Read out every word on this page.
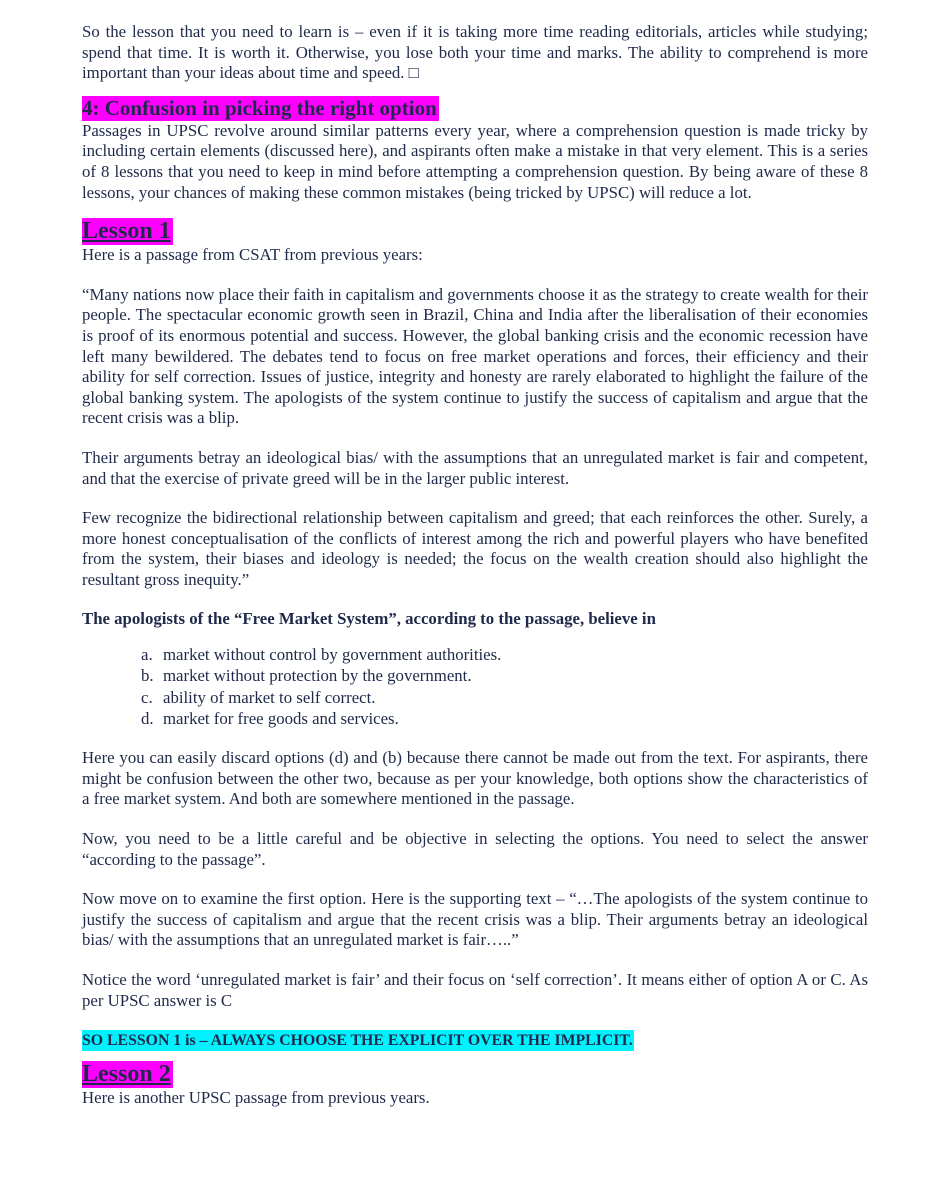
So the lesson that you need to learn is – even if it is taking more time reading editorials, articles while studying; spend that time. It is worth it. Otherwise, you lose both your time and marks. The ability to comprehend is more important than your ideas about time and speed. □

4: Confusion in picking the right option

Passages in UPSC revolve around similar patterns every year, where a comprehension question is made tricky by including certain elements (discussed here), and aspirants often make a mistake in that very element. This is a series of 8 lessons that you need to keep in mind before attempting a comprehension question. By being aware of these 8 lessons, your chances of making these common mistakes (being tricked by UPSC) will reduce a lot.

Lesson 1

Here is a passage from CSAT from previous years:

“Many nations now place their faith in capitalism and governments choose it as the strategy to create wealth for their people. The spectacular economic growth seen in Brazil, China and India after the liberalisation of their economies is proof of its enormous potential and success. However, the global banking crisis and the economic recession have left many bewildered. The debates tend to focus on free market operations and forces, their efficiency and their ability for self correction. Issues of justice, integrity and honesty are rarely elaborated to highlight the failure of the global banking system. The apologists of the system continue to justify the success of capitalism and argue that the recent crisis was a blip.

Their arguments betray an ideological bias/ with the assumptions that an unregulated market is fair and competent, and that the exercise of private greed will be in the larger public interest.

Few recognize the bidirectional relationship between capitalism and greed; that each reinforces the other. Surely, a more honest conceptualisation of the conflicts of interest among the rich and powerful players who have benefited from the system, their biases and ideology is needed; the focus on the wealth creation should also highlight the resultant gross inequity.”

The apologists of the “Free Market System”, according to the passage, believe in

a. market without control by government authorities.
b. market without protection by the government.
c. ability of market to self correct.
d. market for free goods and services.

Here you can easily discard options (d) and (b) because there cannot be made out from the text. For aspirants, there might be confusion between the other two, because as per your knowledge, both options show the characteristics of a free market system. And both are somewhere mentioned in the passage.

Now, you need to be a little careful and be objective in selecting the options. You need to select the answer “according to the passage”.

Now move on to examine the first option. Here is the supporting text – “…The apologists of the system continue to justify the success of capitalism and argue that the recent crisis was a blip. Their arguments betray an ideological bias/ with the assumptions that an unregulated market is fair…..”

Notice the word ‘unregulated market is fair’ and their focus on ‘self correction’. It means either of option A or C. As per UPSC answer is C

SO LESSON 1 is – ALWAYS CHOOSE THE EXPLICIT OVER THE IMPLICIT.
Lesson 2

Here is another UPSC passage from previous years.
